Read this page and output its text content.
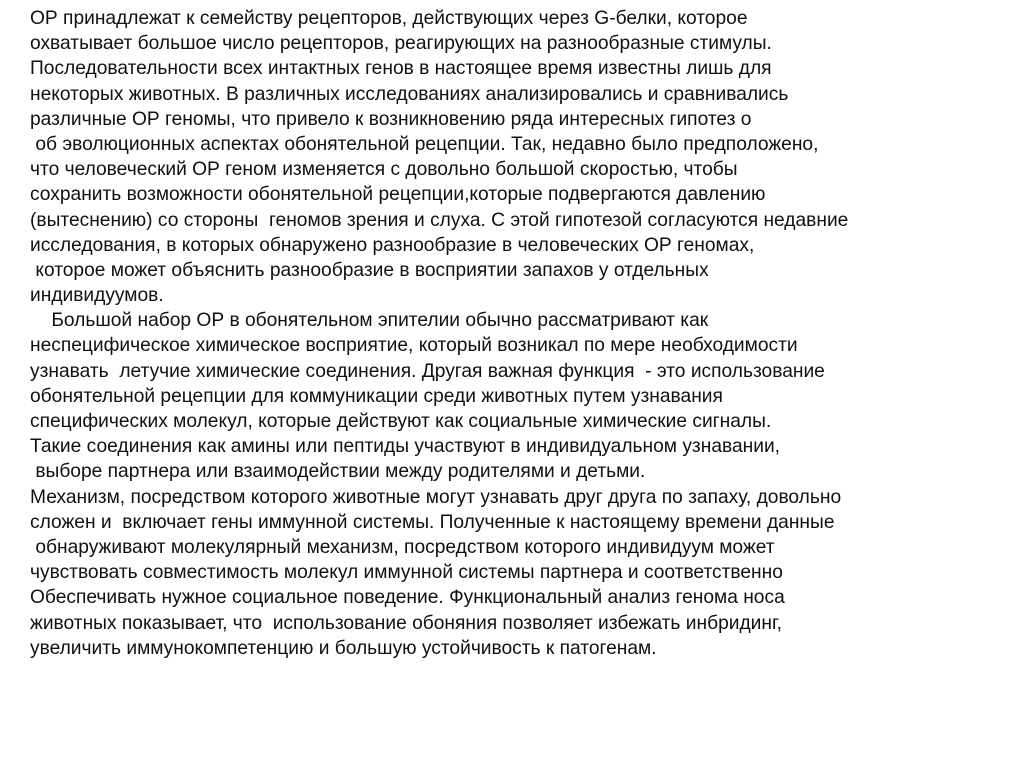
ОР принадлежат к семейству рецепторов, действующих через G-белки, которое
охватывает большое число рецепторов, реагирующих на разнообразные стимулы.
Последовательности всех интактных генов в настоящее время известны лишь для
некоторых животных. В различных исследованиях анализировались и сравнивались
различные ОР геномы, что привело к возникновению ряда интересных гипотез о
об эволюционных аспектах обонятельной рецепции. Так, недавно было предположено,
что человеческий ОР геном изменяется с довольно большой скоростью, чтобы
сохранить возможности обонятельной рецепции,которые подвергаются давлению
(вытеснению) со стороны  геномов зрения и слуха. С этой гипотезой согласуются недавние
исследования, в которых обнаружено разнообразие в человеческих ОР геномах,
которое может объяснить разнообразие в восприятии запахов у отдельных
индивидуумов.
Большой набор ОР в обонятельном эпителии обычно рассматривают как
неспецифическое химическое восприятие, который возникал по мере необходимости
узнавать  летучие химические соединения. Другая важная функция  - это использование
обонятельной рецепции для коммуникации среди животных путем узнавания
специфических молекул, которые действуют как социальные химические сигналы.
Такие соединения как амины или пептиды участвуют в индивидуальном узнавании,
выборе партнера или взаимодействии между родителями и детьми.
Механизм, посредством которого животные могут узнавать друг друга по запаху, довольно
сложен и  включает гены иммунной системы. Полученные к настоящему времени данные
обнаруживают молекулярный механизм, посредством которого индивидуум может
чувствовать совместимость молекул иммунной системы партнера и соответственно
Обеспечивать нужное социальное поведение. Функциональный анализ генома носа
животных показывает, что  использование обоняния позволяет избежать инбридинг,
увеличить иммунокомпетенцию и большую устойчивость к патогенам.
